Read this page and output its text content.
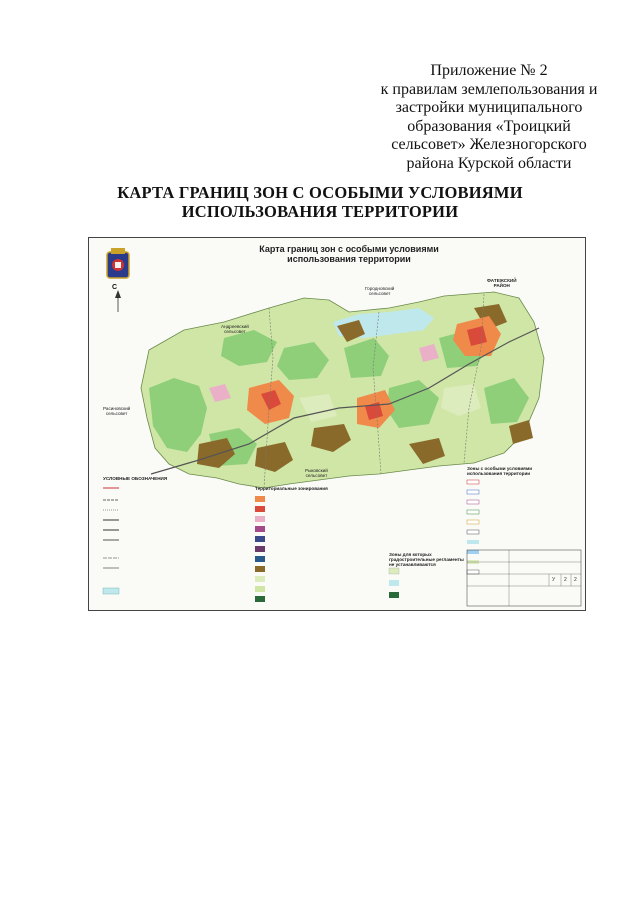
Приложение № 2
к правилам землепользования и
застройки муниципального
образования «Троицкий
сельсовет» Железногорского
района Курской области
КАРТА ГРАНИЦ ЗОН С ОСОБЫМИ УСЛОВИЯМИ
ИСПОЛЬЗОВАНИЯ ТЕРРИТОРИИ
Карта границ зон с особыми условиями
использования территории
С
Андреевский
сельсовет
Городновский
сельсовет
ФАТЕЖСКИЙ
РАЙОН
Расиновский
сельсовет
Рыковский
сельсовет
УСЛОВНЫЕ ОБОЗНАЧЕНИЯ
Территориальные зонирования
Зоны для которых
градостроительные регламенты
не устанавливаются
Зоны с особыми условиями
использования территории
У 2 2
